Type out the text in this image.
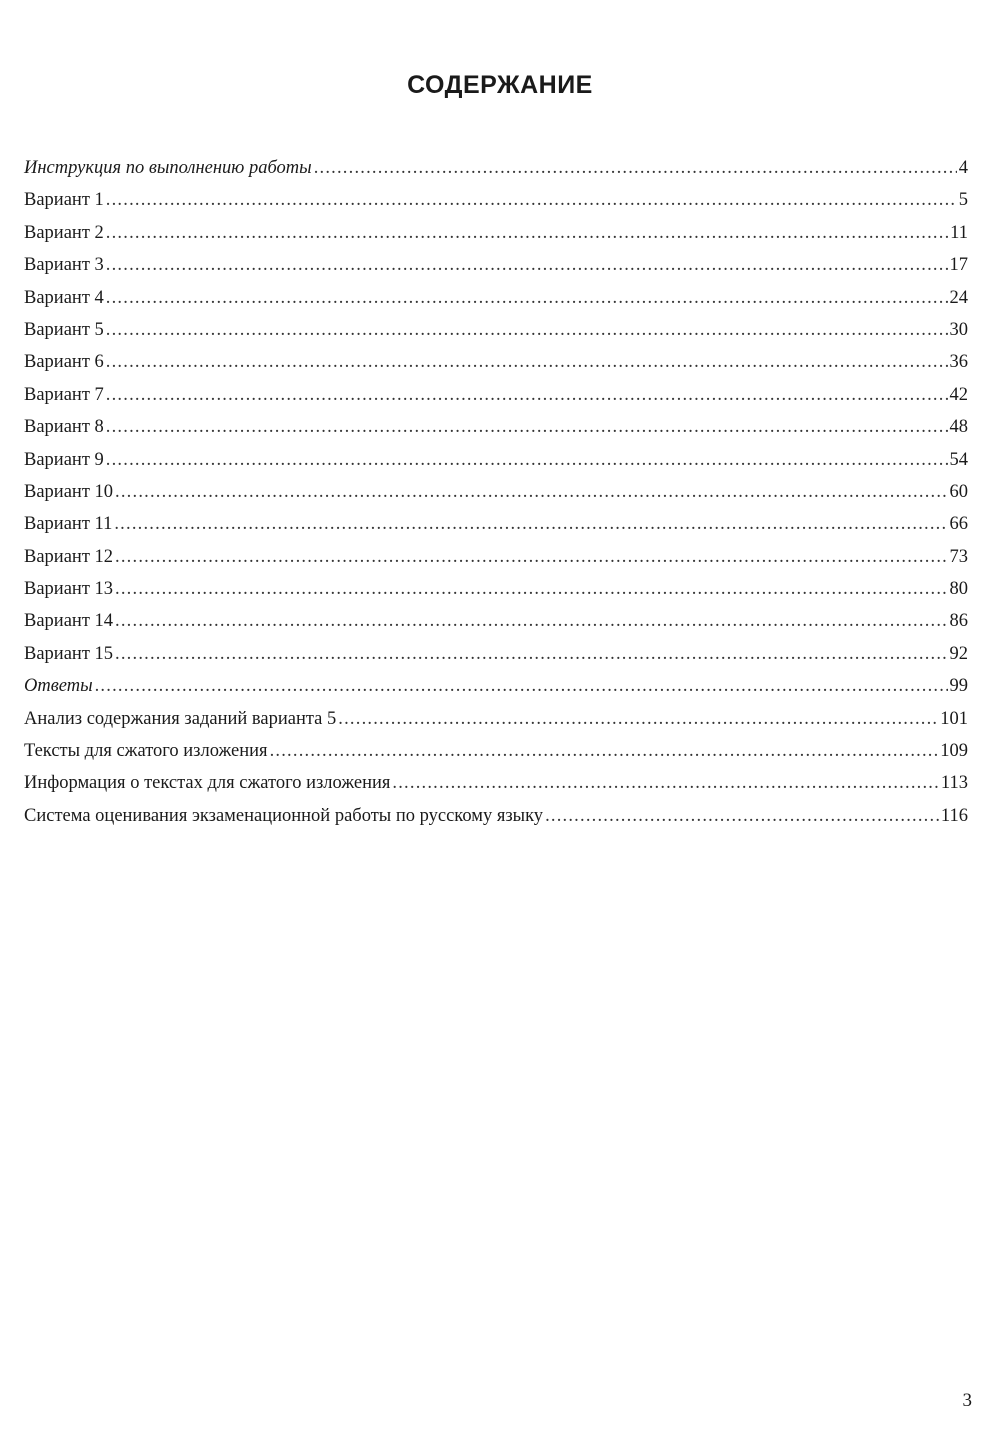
СОДЕРЖАНИЕ
Инструкция по выполнению работы .....	4
Вариант 1 .....	5
Вариант 2 .....	11
Вариант 3 .....	17
Вариант 4 .....	24
Вариант 5 .....	30
Вариант 6 .....	36
Вариант 7 .....	42
Вариант 8 .....	48
Вариант 9 .....	54
Вариант 10 .....	60
Вариант 11 .....	66
Вариант 12 .....	73
Вариант 13 .....	80
Вариант 14 .....	86
Вариант 15 .....	92
Ответы .....	99
Анализ содержания заданий варианта 5 .....	101
Тексты для сжатого изложения .....	109
Информация о текстах для сжатого изложения .....	113
Система оценивания экзаменационной работы по русскому языку .....	116
3
